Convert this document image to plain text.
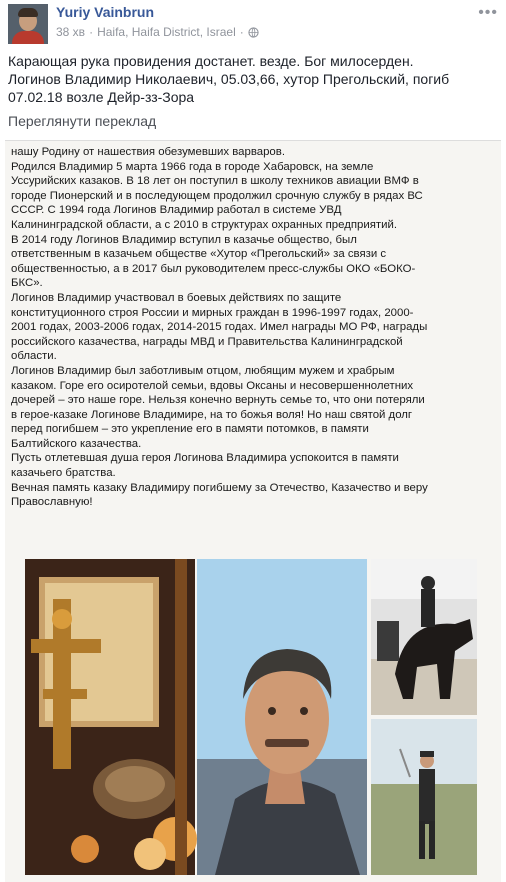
Yuriy Vainbrun
38 хв · Haifa, Haifa District, Israel ·
•••
Карающая рука провидения достанет. везде. Бог милосерден.
Логинов Владимир Николаевич, 05.03,66, хутор Прегольский, погиб
07.02.18 возле Дейр-зз-Зора
Переглянути переклад
нашу Родину от нашествия обезумевших варваров.
Родился Владимир 5 марта 1966 года в городе Хабаровск, на земле
Уссурийских казаков. В 18 лет он поступил в школу техников авиации ВМФ в
городе Пионерский и в последующем продолжил срочную службу в рядах ВС
СССР. С 1994 года Логинов Владимир работал в системе УВД
Калининградской области, а с 2010 в структурах охранных предприятий.
В 2014 году Логинов Владимир вступил в казачье общество, был
ответственным в казачьем обществе «Хутор «Прегольский» за связи с
общественностью, а в 2017 был руководителем пресс-службы ОКО «БОКО-
БКС».
Логинов Владимир участвовал в боевых действиях по защите
конституционного строя России и мирных граждан в 1996-1997 годах, 2000-
2001 годах, 2003-2006 годах, 2014-2015 годах. Имел награды МО РФ, награды
российского казачества, награды МВД и Правительства Калининградской
области.
Логинов Владимир был заботливым отцом, любящим мужем и храбрым
казаком. Горе его осиротелой семьи, вдовы Оксаны и несовершеннолетних
дочерей – это наше горе. Нельзя конечно вернуть семье то, что они потеряли
в герое-казаке Логинове Владимире, на то божья воля! Но наш святой долг
перед погибшем – это укрепление его в памяти потомков, в памяти
Балтийского казачества.
Пусть отлетевшая душа героя Логинова Владимира успокоится в памяти
казачьего братства.
Вечная память казаку Владимиру погибшему за Отечество, Казачество и веру
Православную!
